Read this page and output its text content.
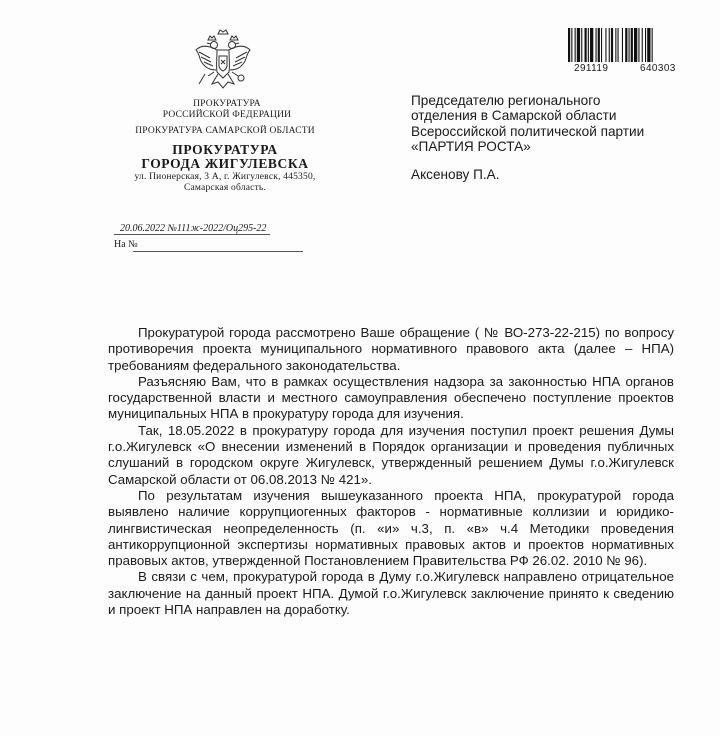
ПРОКУРАТУРА
РОССИЙСКОЙ ФЕДЕРАЦИИ
ПРОКУРАТУРА САМАРСКОЙ ОБЛАСТИ
ПРОКУРАТУРА
ГОРОДА ЖИГУЛЕВСКА
ул. Пионерская, 3 А, г. Жигулевск, 445350,
Самарская область.
20.06.2022 №111ж-2022/Оц295-22
На №
291119	640303
Председателю регионального
отделения в Самарской области
Всероссийской политической партии
«ПАРТИЯ РОСТА»
Аксенову П.А.

Прокуратурой города рассмотрено Ваше обращение ( № ВО-273-22-215) по вопросу противоречия проекта муниципального нормативного правового акта (далее – НПА) требованиям федерального законодательства.

Разъясняю Вам, что в рамках осуществления надзора за законностью НПА органов государственной власти и местного самоуправления обеспечено поступление проектов муниципальных НПА в прокуратуру города для изучения.

Так, 18.05.2022 в прокуратуру города для изучения поступил проект решения Думы г.о.Жигулевск «О внесении изменений в Порядок организации и проведения публичных слушаний в городском округе Жигулевск, утвержденный решением Думы г.о.Жигулевск Самарской области от 06.08.2013 № 421».

По результатам изучения вышеуказанного проекта НПА, прокуратурой города выявлено наличие коррупциогенных факторов - нормативные коллизии и юридико-лингвистическая неопределенность (п. «и» ч.3, п. «в» ч.4 Методики проведения антикоррупционной экспертизы нормативных правовых актов и проектов нормативных правовых актов, утвержденной Постановлением Правительства РФ 26.02. 2010 № 96).

В связи с чем, прокуратурой города в Думу г.о.Жигулевск направлено отрицательное заключение на данный проект НПА. Думой г.о.Жигулевск заключение принято к сведению и проект НПА направлен на доработку.
